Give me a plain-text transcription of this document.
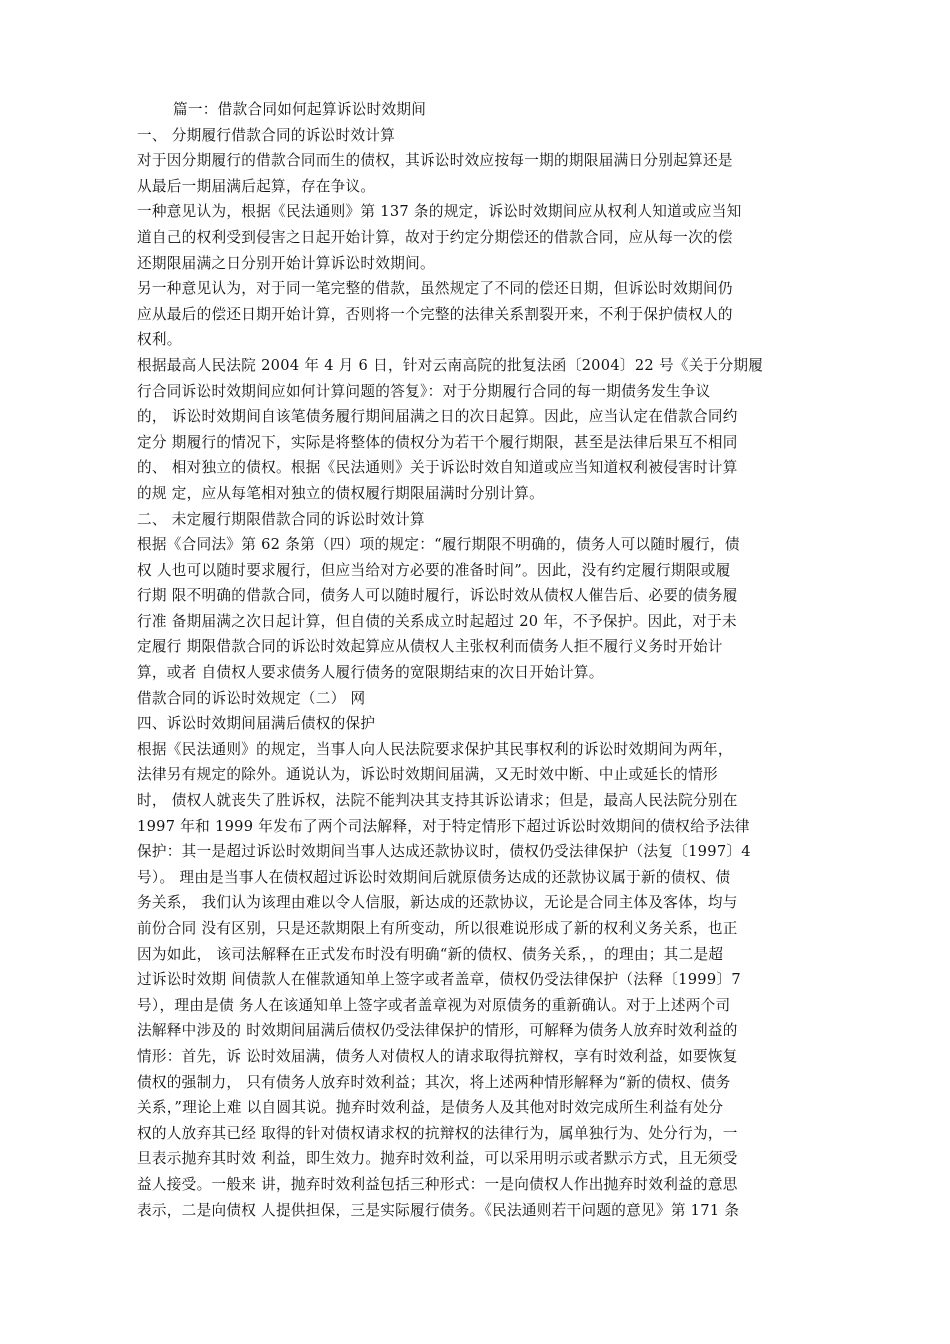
篇一：借款合同如何起算诉讼时效期间
一、 分期履行借款合同的诉讼时效计算
对于因分期履行的借款合同而生的债权，其诉讼时效应按每一期的期限届满日分别起算还是
从最后一期届满后起算，存在争议。
一种意见认为，根据《民法通则》第 137 条的规定，诉讼时效期间应从权利人知道或应当知
道自己的权利受到侵害之日起开始计算，故对于约定分期偿还的借款合同，应从每一次的偿
还期限届满之日分别开始计算诉讼时效期间。
另一种意见认为，对于同一笔完整的借款，虽然规定了不同的偿还日期，但诉讼时效期间仍
应从最后的偿还日期开始计算，否则将一个完整的法律关系割裂开来，不利于保护债权人的
权利。
根据最高人民法院 2004 年 4 月 6 日，针对云南高院的批复法函〔2004〕22 号《关于分期履
行合同诉讼时效期间应如何计算问题的答复》：对于分期履行合同的每一期债务发生争议
的， 诉讼时效期间自该笔债务履行期间届满之日的次日起算。因此，应当认定在借款合同约
定分 期履行的情况下，实际是将整体的债权分为若干个履行期限，甚至是法律后果互不相同
的、 相对独立的债权。根据《民法通则》关于诉讼时效自知道或应当知道权利被侵害时计算
的规 定，应从每笔相对独立的债权履行期限届满时分别计算。
二、 未定履行期限借款合同的诉讼时效计算
根据《合同法》第 62 条第（四）项的规定：“履行期限不明确的，债务人可以随时履行，债
权 人也可以随时要求履行，但应当给对方必要的准备时间”。因此，没有约定履行期限或履
行期 限不明确的借款合同，债务人可以随时履行，诉讼时效从债权人催告后、必要的债务履
行准 备期届满之次日起计算，但自债的关系成立时起超过 20 年，不予保护。因此，对于未
定履行 期限借款合同的诉讼时效起算应从债权人主张权利而债务人拒不履行义务时开始计
算，或者 自债权人要求债务人履行债务的宽限期结束的次日开始计算。
借款合同的诉讼时效规定（二） 网
四、诉讼时效期间届满后债权的保护
根据《民法通则》的规定，当事人向人民法院要求保护其民事权利的诉讼时效期间为两年，
法律另有规定的除外。通说认为，诉讼时效期间届满，又无时效中断、中止或延长的情形
时， 债权人就丧失了胜诉权，法院不能判决其支持其诉讼请求；但是，最高人民法院分别在
1997 年和 1999 年发布了两个司法解释，对于特定情形下超过诉讼时效期间的债权给予法律
保护：其一是超过诉讼时效期间当事人达成还款协议时，债权仍受法律保护（法复〔1997〕4
号）。 理由是当事人在债权超过诉讼时效期间后就原债务达成的还款协议属于新的债权、债
务关系， 我们认为该理由难以令人信服，新达成的还款协议，无论是合同主体及客体，均与
前份合同 没有区别，只是还款期限上有所变动，所以很难说形成了新的权利义务关系，也正
因为如此， 该司法解释在正式发布时没有明确“新的债权、债务关系，，的理由；其二是超
过诉讼时效期 间债款人在催款通知单上签字或者盖章，债权仍受法律保护（法释〔1999〕7
号），理由是债 务人在该通知单上签字或者盖章视为对原债务的重新确认。对于上述两个司
法解释中涉及的 时效期间届满后债权仍受法律保护的情形，可解释为债务人放弃时效利益的
情形：首先，诉 讼时效届满，债务人对债权人的请求取得抗辩权，享有时效利益，如要恢复
债权的强制力， 只有债务人放弃时效利益；其次，将上述两种情形解释为“新的债权、债务
关系，”理论上难 以自圆其说。抛弃时效利益，是债务人及其他对时效完成所生利益有处分
权的人放弃其已经 取得的针对债权请求权的抗辩权的法律行为，属单独行为、处分行为，一
旦表示抛弃其时效 利益，即生效力。抛弃时效利益，可以采用明示或者默示方式，且无须受
益人接受。一般来 讲，抛弃时效利益包括三种形式：一是向债权人作出抛弃时效利益的意思
表示，二是向债权 人提供担保，三是实际履行债务。《民法通则若干问题的意见》第 171 条
